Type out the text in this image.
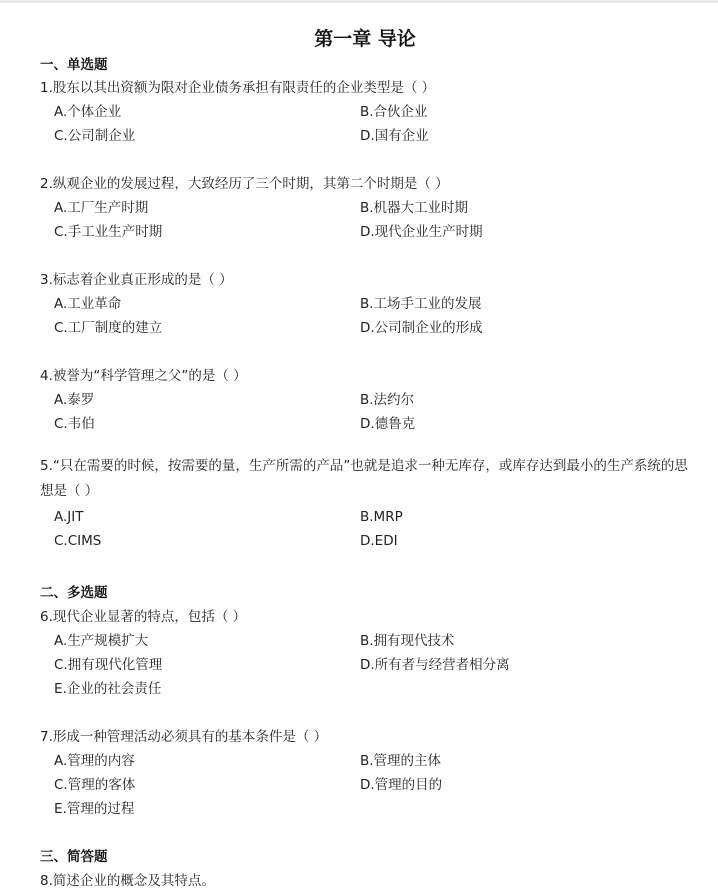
第一章 导论
一、单选题
1.股东以其出资额为限对企业债务承担有限责任的企业类型是（ ）
A.个体企业	B.合伙企业
C.公司制企业	D.国有企业
2.纵观企业的发展过程，大致经历了三个时期，其第二个时期是（ ）
A.工厂生产时期	B.机器大工业时期
C.手工业生产时期	D.现代企业生产时期
3.标志着企业真正形成的是（ ）
A.工业革命	B.工场手工业的发展
C.工厂制度的建立	D.公司制企业的形成
4.被誉为“科学管理之父”的是（ ）
A.泰罗	B.法约尔
C.韦伯	D.德鲁克
5.“只在需要的时候，按需要的量，生产所需的产品”也就是追求一种无库存，或库存达到最小的生产系统的思想是（ ）
A.JIT	B.MRP
C.CIMS	D.EDI
二、多选题
6.现代企业显著的特点，包括（ ）
A.生产规模扩大	B.拥有现代技术
C.拥有现代化管理	D.所有者与经营者相分离
E.企业的社会责任
7.形成一种管理活动必须具有的基本条件是（ ）
A.管理的内容	B.管理的主体
C.管理的客体	D.管理的目的
E.管理的过程
三、简答题
8.简述企业的概念及其特点。
